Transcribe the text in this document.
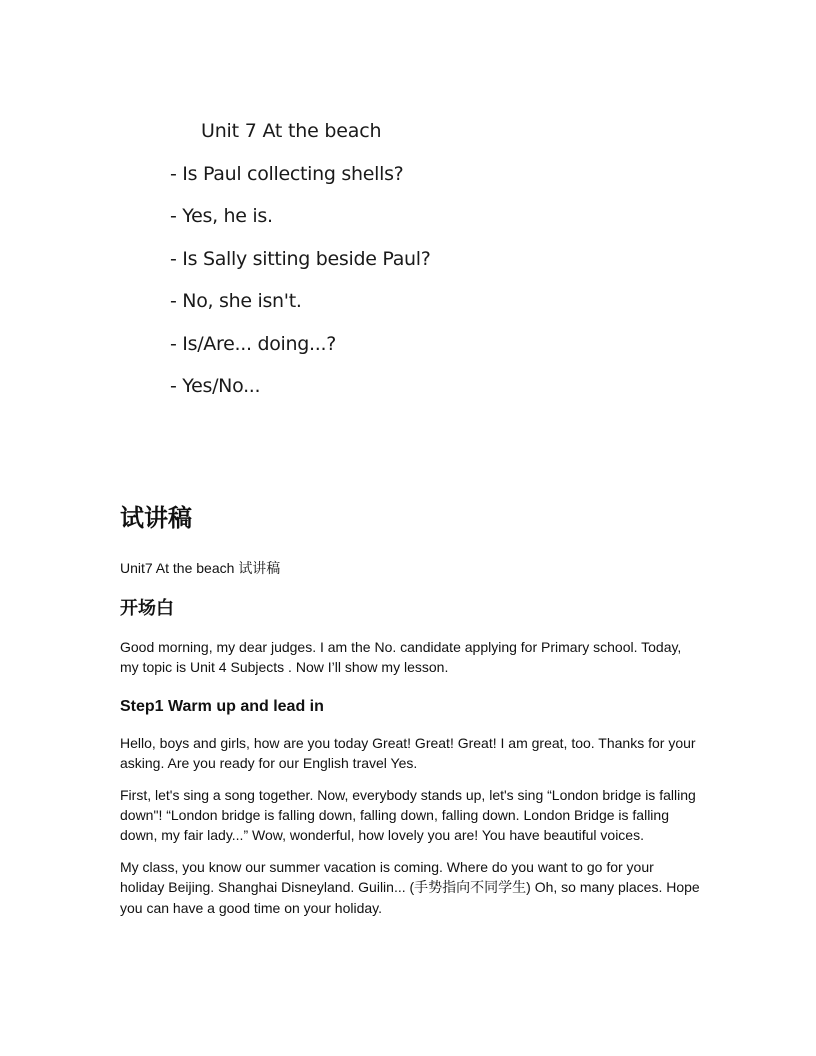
Unit 7 At the beach
- Is Paul collecting shells?
- Yes, he is.
- Is Sally sitting beside Paul?
- No, she isn't.
- Is/Are... doing...?
- Yes/No...
试讲稿
Unit7 At the beach 试讲稿
开场白
Good morning, my dear judges. I am the No. candidate applying for Primary school. Today, my topic is Unit 4 Subjects . Now I’ll show my lesson.
Step1 Warm up and lead in
Hello, boys and girls, how are you today Great! Great! Great! I am great, too. Thanks for your asking. Are you ready for our English travel Yes.
First, let's sing a song together. Now, everybody stands up, let's sing “London bridge is falling down"! “London bridge is falling down, falling down, falling down. London Bridge is falling down, my fair lady...” Wow, wonderful, how lovely you are! You have beautiful voices.
My class, you know our summer vacation is coming. Where do you want to go for your holiday Beijing. Shanghai Disneyland. Guilin... (手势指向不同学生) Oh, so many places. Hope you can have a good time on your holiday.
